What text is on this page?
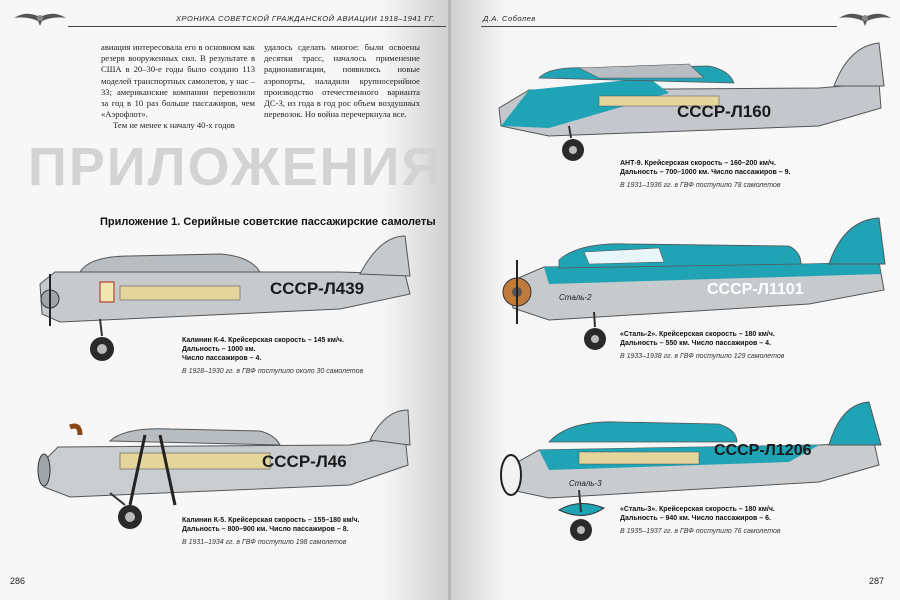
ХРОНИКА СОВЕТСКОЙ ГРАЖДАНСКОЙ АВИАЦИИ 1918–1941 ГГ.

авиация интересовала его в основном как резерв вооруженных сил. В результате в США в 20–30-е годы было создано 113 моделей транспортных самолетов, у нас – 33; американские компании перевозили за год в 10 раз больше пассажиров, чем «Аэрофлот».

Тем не менее к началу 40-х годов

удалось сделать многое: были освоены десятки трасс, началось применение радионавигации, появились новые аэропорты, наладили крупносерийное производство отечественного варианта ДС-3, из года в год рос объем воздушных перевозок. Но война перечеркнула все.

ПРИЛОЖЕНИЯ
Приложение 1. Серийные советские пассажирские самолеты
СССР-Л439
Калинин К-4. Крейсерская скорость – 145 км/ч.
Дальность – 1000 км.
Число пассажиров – 4.
В 1928–1930 гг. в ГВФ поступило около 30 самолетов
СССР-Л46
Калинин К-5. Крейсерская скорость – 155–180 км/ч.
Дальность – 800–900 км. Число пассажиров – 8.
В 1931–1934 гг. в ГВФ поступило 198 самолетов
286
Д.А. Соболев
СССР-Л160
АНТ-9. Крейсерская скорость – 160–200 км/ч.
Дальность – 700–1000 км. Число пассажиров – 9.
В 1931–1936 гг. в ГВФ поступило 78 самолетов
Сталь-2	СССР-Л1101
«Сталь-2». Крейсерская скорость – 180 км/ч.
Дальность – 550 км. Число пассажиров – 4.
В 1933–1938 гг. в ГВФ поступило 129 самолетов
Сталь-3
СССР-Л1206
«Сталь-3». Крейсерская скорость – 180 км/ч.
Дальность – 940 км. Число пассажиров – 6.
В 1935–1937 гг. в ГВФ поступило 76 самолетов
287
